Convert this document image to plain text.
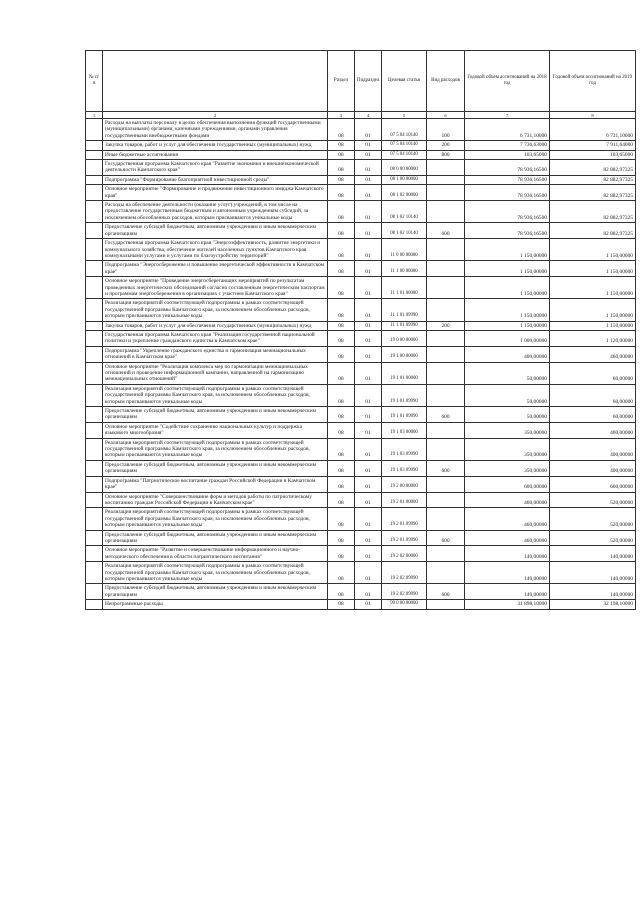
№ п/п		Раздел	Подраздел	Целевая статья	Вид расходов	Годовой объем ассигнований на 2018 год	Годовой объем ассигнований на 2019 год
1	2	3	4	5	6	7	8
	Расходы на выплаты персоналу в целях обеспечения выполнения функций государственными (муниципальными) органами, казенными учреждениями, органами управления государственными внебюджетными фондами	08	01	07 5 04 10140	100	6 731,10000	6 731,10000
	Закупка товаров, работ и услуг для обеспечения государственных (муниципальных) нужд	08	01	07 5 04 10140	200	7 736,63000	7 911,64000
	Иные бюджетные ассигнования	08	01	07 5 04 10140	800	103,65000	103,65000
	Государственная программа Камчатского края "Развитие экономики и внешнеэкономической деятельности Камчатского края"	08	01	08 0 00 00000		78 936,16500	82 882,97325
	Подпрограмма "Формирование благоприятной инвестиционной среды"	08	01	08 1 00 00000		78 936,16500	82 882,97325
	Основное мероприятие "Формирование и продвижение инвестиционного имиджа Камчатского края"	08	01	08 1 02 00000		78 936,16500	82 882,97325
	Расходы на обеспечение деятельности (оказание услуг) учреждений, в том числе на предоставление государственным бюджетным и автономным учреждениям субсидий, за исключением обособленных расходов, которым присваиваются уникальные коды	08	01	08 1 02 10140		78 936,16500	82 882,97325
	Предоставление субсидий бюджетным, автономным учреждениям и иным некоммерческим организациям	08	01	08 1 02 10140	600	78 936,16500	82 882,97325
	Государственная программа Камчатского края "Энергоэффективность, развитие энергетики и коммунального хозяйства, обеспечение жителей населенных пунктов Камчатского края коммунальными услугами и услугами по благоустройству территорий"	08	01	11 0 00 00000		1 150,00000	1 150,00000
	Подпрограмма "Энергосбережение и повышение энергетической эффективности в Камчатском крае"	08	01	11 1 00 00000		1 150,00000	1 150,00000
	Основное мероприятие "Проведение энергосберегающих мероприятий по результатам проведенных энергетических обследований согласно составленным энергетическим паспортам и программам энергосбережения в организациях с участием Камчатского края"	08	01	11 1 01 00000		1 150,00000	1 150,00000
	Реализация мероприятий соответствующей подпрограммы в рамках соответствующей государственной программы Камчатского края, за исключением обособленных расходов, которым присваиваются уникальные коды	08	01	11 1 01 09990		1 150,00000	1 150,00000
	Закупка товаров, работ и услуг для обеспечения государственных (муниципальных) нужд	08	01	11 1 01 09990	200	1 150,00000	1 150,00000
	Государственная программа Камчатского края "Реализация государственной национальной политики и укрепление гражданского единства в Камчатском крае"	08	01	19 0 00 00000		1 000,00000	1 120,00000
	Подпрограмма "Укрепление гражданского единства и гармонизация межнациональных отношений в Камчатском крае"	08	01	19 1 00 00000		400,00000	460,00000
	Основное мероприятие "Реализация комплекса мер по гармонизации межнациональных отношений и проведение информационной кампании, направленной на гармонизацию межнациональных отношений"	08	01	19 1 01 00000		50,00000	60,00000
	Реализация мероприятий соответствующей подпрограммы в рамках соответствующей государственной программы Камчатского края, за исключением обособленных расходов, которым присваиваются уникальные коды	08	01	19 1 01 09990		50,00000	60,00000
	Предоставление субсидий бюджетным, автономным учреждениям и иным некоммерческим организациям	08	01	19 1 01 09990	600	50,00000	60,00000
	Основное мероприятие "Содействие сохранению национальных культур и поддержка языкового многообразия"	08	01	19 1 03 00000		350,00000	400,00000
	Реализация мероприятий соответствующей подпрограммы в рамках соответствующей государственной программы Камчатского края, за исключением обособленных расходов, которым присваиваются уникальные коды	08	01	19 1 03 09990		350,00000	400,00000
	Предоставление субсидий бюджетным, автономным учреждениям и иным некоммерческим организациям	08	01	19 1 03 09990	600	350,00000	400,00000
	Подпрограмма "Патриотическое воспитание граждан Российской Федерации в Камчатском крае"	08	01	19 2 00 00000		600,00000	660,00000
	Основное мероприятие "Совершенствование форм и методов работы по патриотическому воспитанию граждан Российской Федерации в Камчатском крае"	08	01	19 2 01 00000		460,00000	520,00000
	Реализация мероприятий соответствующей подпрограммы в рамках соответствующей государственной программы Камчатского края, за исключением обособленных расходов, которым присваиваются уникальные коды	08	01	19 2 01 09990		460,00000	520,00000
	Предоставление субсидий бюджетным, автономным учреждениям и иным некоммерческим организациям	08	01	19 2 01 09990	600	460,00000	520,00000
	Основное мероприятие "Развитие и совершенствование информационного и научно-методического обеспечения в области патриотического воспитания"	08	01	19 2 02 00000		140,00000	140,00000
	Реализация мероприятий соответствующей подпрограммы в рамках соответствующей государственной программы Камчатского края, за исключением обособленных расходов, которым присваиваются уникальные коды	08	01	19 2 02 09990		140,00000	140,00000
	Предоставление субсидий бюджетным, автономным учреждениям и иным некоммерческим организациям	08	01	19 2 02 09990	600	140,00000	140,00000
	Непрограммные расходы	08	01	99 0 00 00000		31 898,10000	32 198,10000
